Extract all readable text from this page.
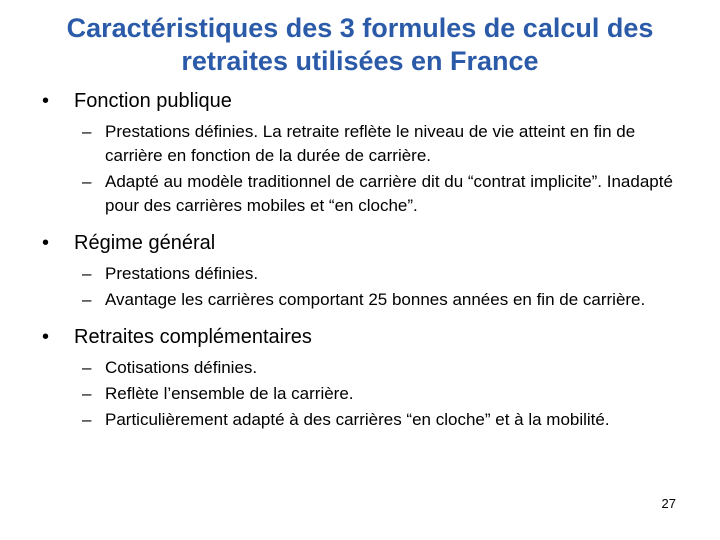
Caractéristiques des 3 formules de calcul des retraites utilisées en France
• Fonction publique
– Prestations définies. La retraite reflète le niveau de vie atteint en fin de carrière en fonction de la durée de carrière.
– Adapté au modèle traditionnel de carrière dit du “contrat implicite”. Inadapté pour des carrières mobiles et “en cloche”.
• Régime général
– Prestations définies.
– Avantage les carrières comportant 25 bonnes années en fin de carrière.
• Retraites complémentaires
– Cotisations définies.
– Reflète l’ensemble de la carrière.
– Particulièrement adapté à des carrières “en cloche” et à la mobilité.
27
